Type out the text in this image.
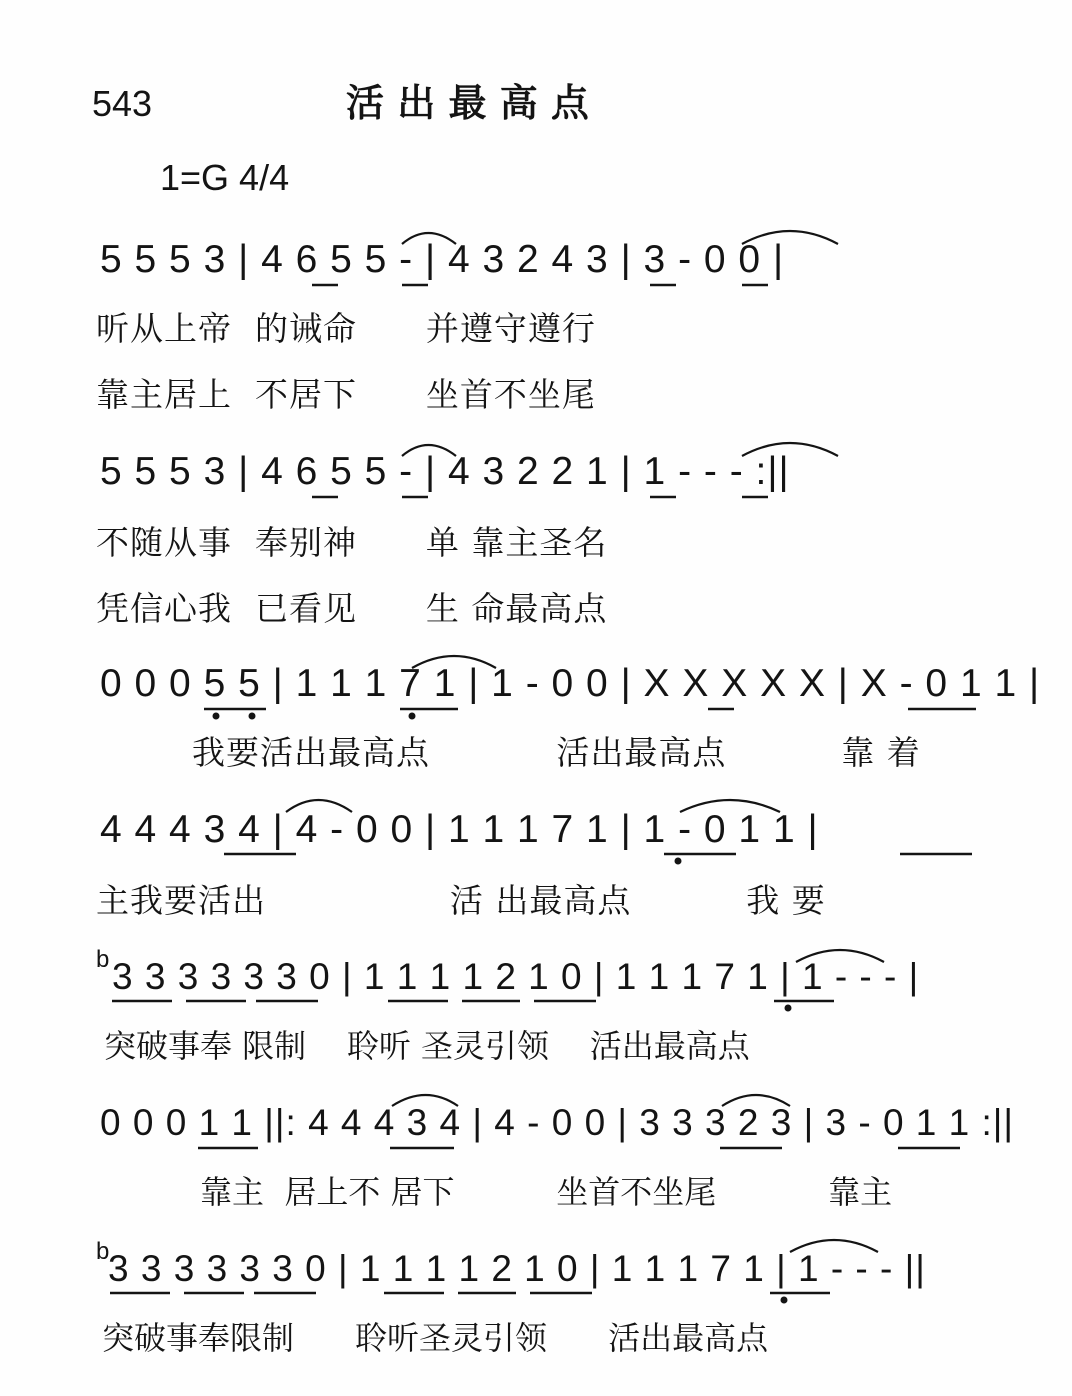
543	活 出 最 高 点
1=G 4/4
5 5 5 3 | 4 6 5 5 - | 4 3 2 4 3 | 3 - 0 0 |
听从上帝  的诫命      并遵守遵行
靠主居上  不居下      坐首不坐尾
5 5 5 3 | 4 6 5 5 - | 4 3 2 2 1 | 1 - - - :||
不随从事  奉别神      单 靠主圣名
凭信心我  已看见      生 命最高点
0 0 0 5 5 | 1 1 1 7 1 | 1 - 0 0 | X X X X X | X - 0 1 1 |
我要活出最高点           活出最高点          靠 着
4 4 4 3 4 | 4 - 0 0 | 1 1 1 7 1 | 1 - 0 1 1 |
主我要活出                活 出最高点          我 要
b 3 3 3 3 3 3 0 | 1 1 1 1 2 1 0 | 1 1 1 7 1 | 1 - - - |
突破事奉 限制    聆听 圣灵引领    活出最高点
0 0 0 1 1 ||: 4 4 4 3 4 | 4 - 0 0 | 3 3 3 2 3 | 3 - 0 1 1 :||
靠主  居上不 居下          坐首不坐尾           靠主
b
3 3 3 3 3 3 0 | 1 1 1 1 2 1 0 | 1 1 1 7 1 | 1 - - - ||
突破事奉限制      聆听圣灵引领      活出最高点
